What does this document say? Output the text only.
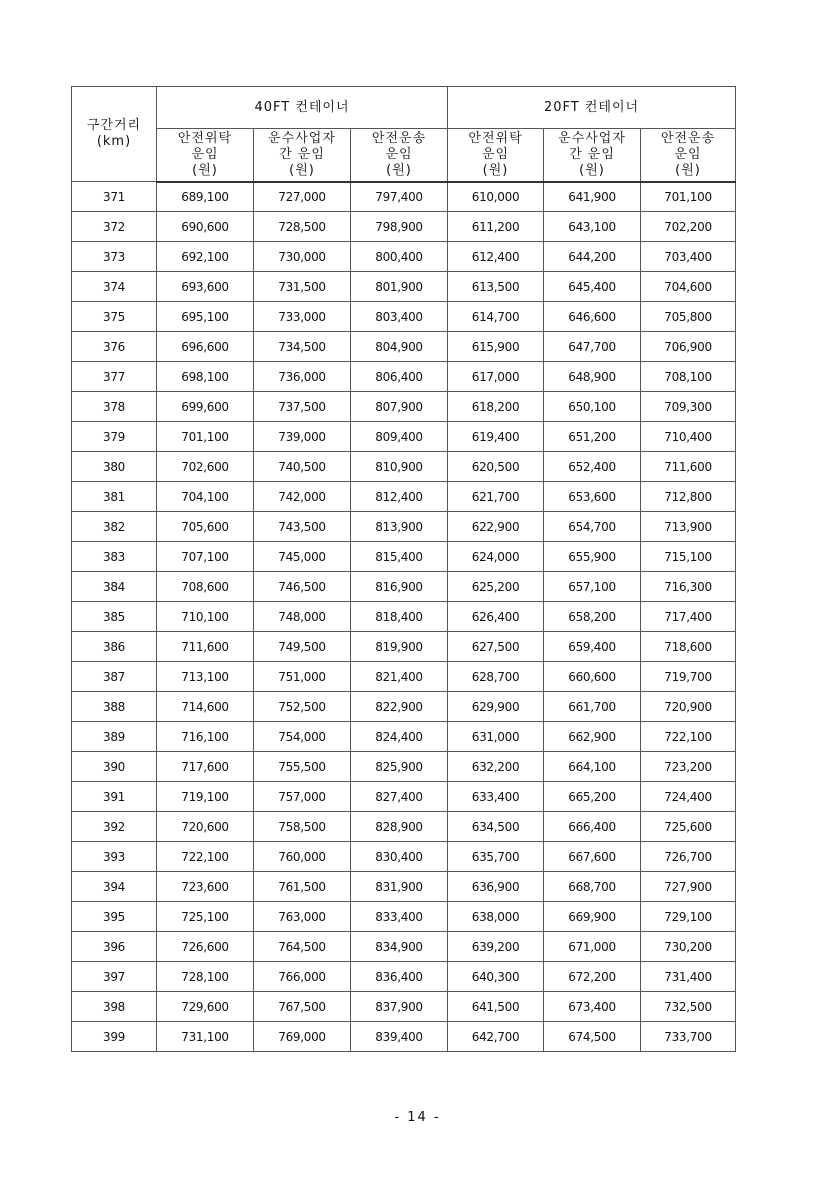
구간거리
(km)	40FT 컨테이너			20FT 컨테이너		

	안전위탁
운임
(원)	운수사업자
간 운임
(원)	안전운송
운임
(원)	안전위탁
운임
(원)	운수사업자
간 운임
(원)	안전운송
운임
(원)

371	689,100	727,000	797,400	610,000	641,900	701,100
372	690,600	728,500	798,900	611,200	643,100	702,200
373	692,100	730,000	800,400	612,400	644,200	703,400
374	693,600	731,500	801,900	613,500	645,400	704,600
375	695,100	733,000	803,400	614,700	646,600	705,800
376	696,600	734,500	804,900	615,900	647,700	706,900
377	698,100	736,000	806,400	617,000	648,900	708,100
378	699,600	737,500	807,900	618,200	650,100	709,300
379	701,100	739,000	809,400	619,400	651,200	710,400
380	702,600	740,500	810,900	620,500	652,400	711,600
381	704,100	742,000	812,400	621,700	653,600	712,800
382	705,600	743,500	813,900	622,900	654,700	713,900
383	707,100	745,000	815,400	624,000	655,900	715,100
384	708,600	746,500	816,900	625,200	657,100	716,300
385	710,100	748,000	818,400	626,400	658,200	717,400
386	711,600	749,500	819,900	627,500	659,400	718,600
387	713,100	751,000	821,400	628,700	660,600	719,700
388	714,600	752,500	822,900	629,900	661,700	720,900
389	716,100	754,000	824,400	631,000	662,900	722,100
390	717,600	755,500	825,900	632,200	664,100	723,200
391	719,100	757,000	827,400	633,400	665,200	724,400
392	720,600	758,500	828,900	634,500	666,400	725,600
393	722,100	760,000	830,400	635,700	667,600	726,700
394	723,600	761,500	831,900	636,900	668,700	727,900
395	725,100	763,000	833,400	638,000	669,900	729,100
396	726,600	764,500	834,900	639,200	671,000	730,200
397	728,100	766,000	836,400	640,300	672,200	731,400
398	729,600	767,500	837,900	641,500	673,400	732,500
399	731,100	769,000	839,400	642,700	674,500	733,700
- 14 -
